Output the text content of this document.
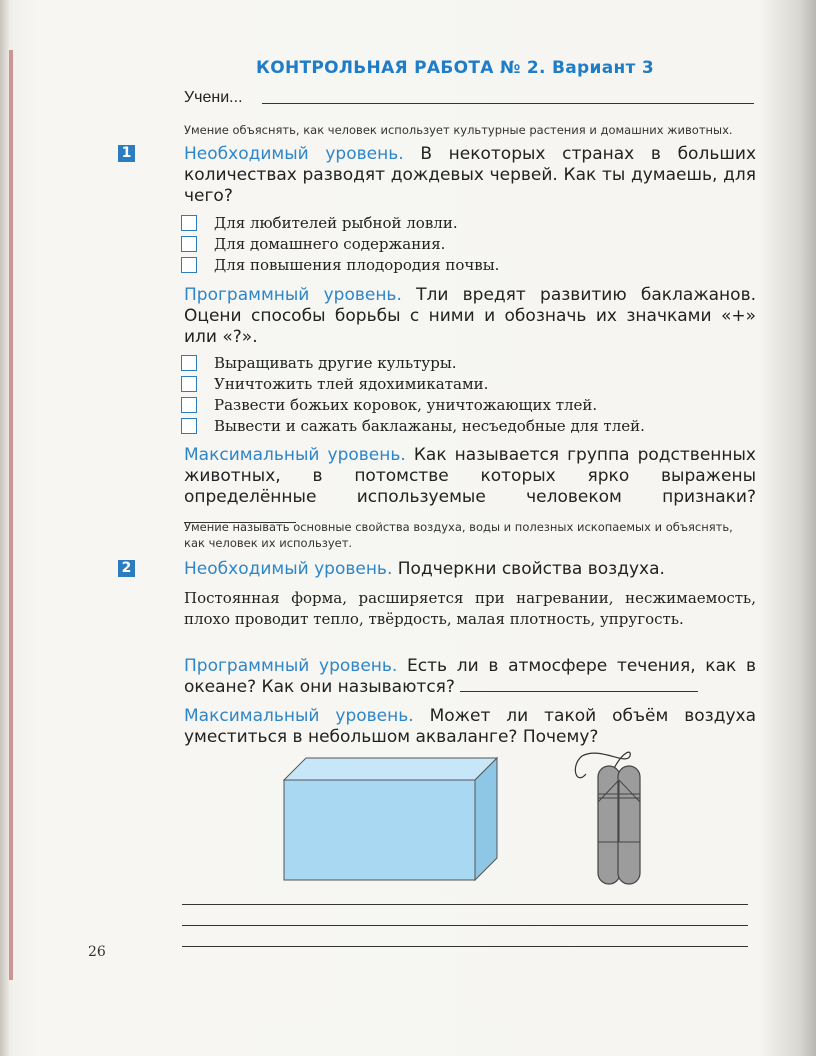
КОНТРОЛЬНАЯ РАБОТА № 2. Вариант 3
Учени...
Умение объяснять, как человек использует культурные растения и домашних животных.
1	Необходимый уровень. В некоторых странах в больших количествах разводят дождевых червей. Как ты думаешь, для чего?
Для любителей рыбной ловли.
Для домашнего содержания.
Для повышения плодородия почвы.
Программный уровень. Тли вредят развитию баклажанов. Оцени способы борьбы с ними и обозначь их значками «+» или «?».
Выращивать другие культуры.
Уничтожить тлей ядохимикатами.
Развести божьих коровок, уничтожающих тлей.
Вывести и сажать баклажаны, несъедобные для тлей.
Максимальный уровень. Как называется группа родственных животных, в потомстве которых ярко выражены определённые используемые человеком признаки?
Умение называть основные свойства воздуха, воды и полезных ископаемых и объяснять, как человек их использует.
2	Необходимый уровень. Подчеркни свойства воздуха.
Постоянная форма, расширяется при нагревании, несжимаемость, плохо проводит тепло, твёрдость, малая плотность, упругость.
Программный уровень. Есть ли в атмосфере течения, как в океане? Как они называются?
Максимальный уровень. Может ли такой объём воздуха уместиться в небольшом акваланге? Почему?
26
